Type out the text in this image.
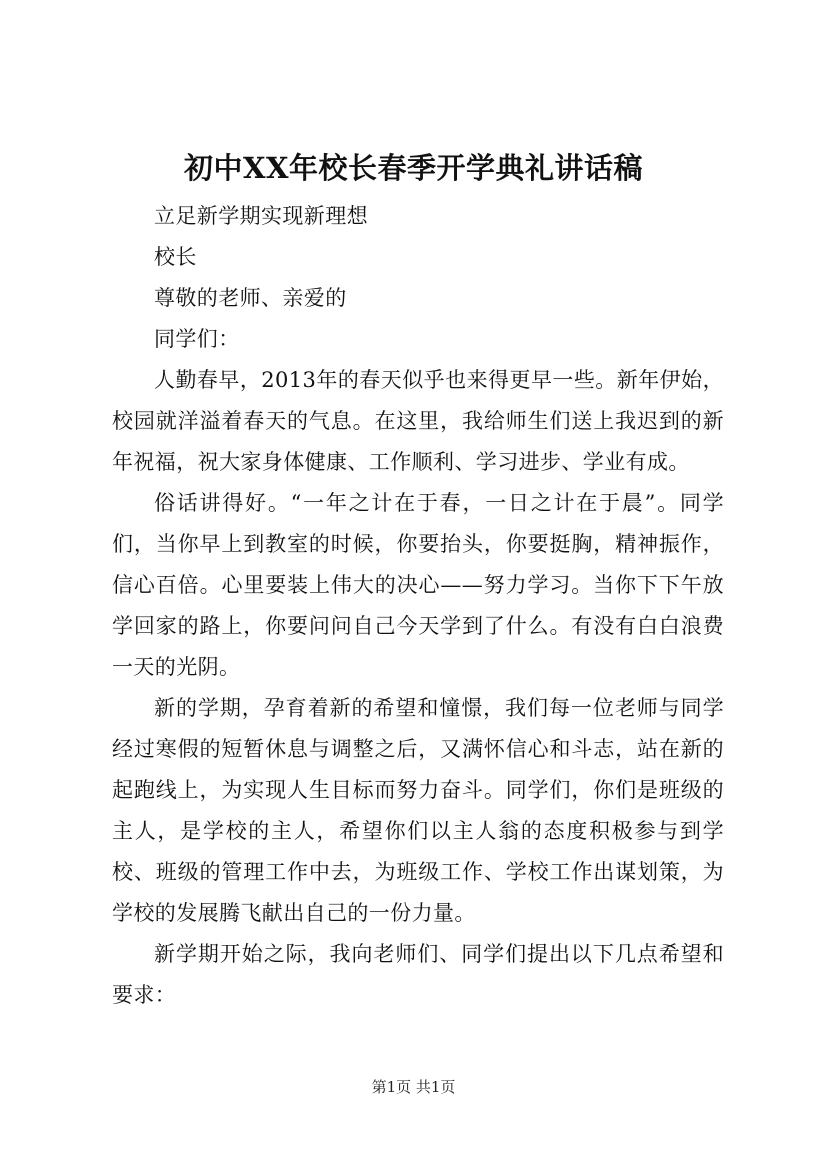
初中XX年校长春季开学典礼讲话稿

立足新学期实现新理想

校长

尊敬的老师、亲爱的

同学们：

人勤春早，2013年的春天似乎也来得更早一些。新年伊始，校园就洋溢着春天的气息。在这里，我给师生们送上我迟到的新年祝福，祝大家身体健康、工作顺利、学习进步、学业有成。

俗话讲得好。“一年之计在于春，一日之计在于晨”。同学们，当你早上到教室的时候，你要抬头，你要挺胸，精神振作，信心百倍。心里要装上伟大的决心——努力学习。当你下下午放学回家的路上，你要问问自己今天学到了什么。有没有白白浪费一天的光阴。

新的学期，孕育着新的希望和憧憬，我们每一位老师与同学经过寒假的短暂休息与调整之后，又满怀信心和斗志，站在新的起跑线上，为实现人生目标而努力奋斗。同学们，你们是班级的主人，是学校的主人，希望你们以主人翁的态度积极参与到学校、班级的管理工作中去，为班级工作、学校工作出谋划策，为学校的发展腾飞献出自己的一份力量。

新学期开始之际，我向老师们、同学们提出以下几点希望和要求：

第1页 共1页
